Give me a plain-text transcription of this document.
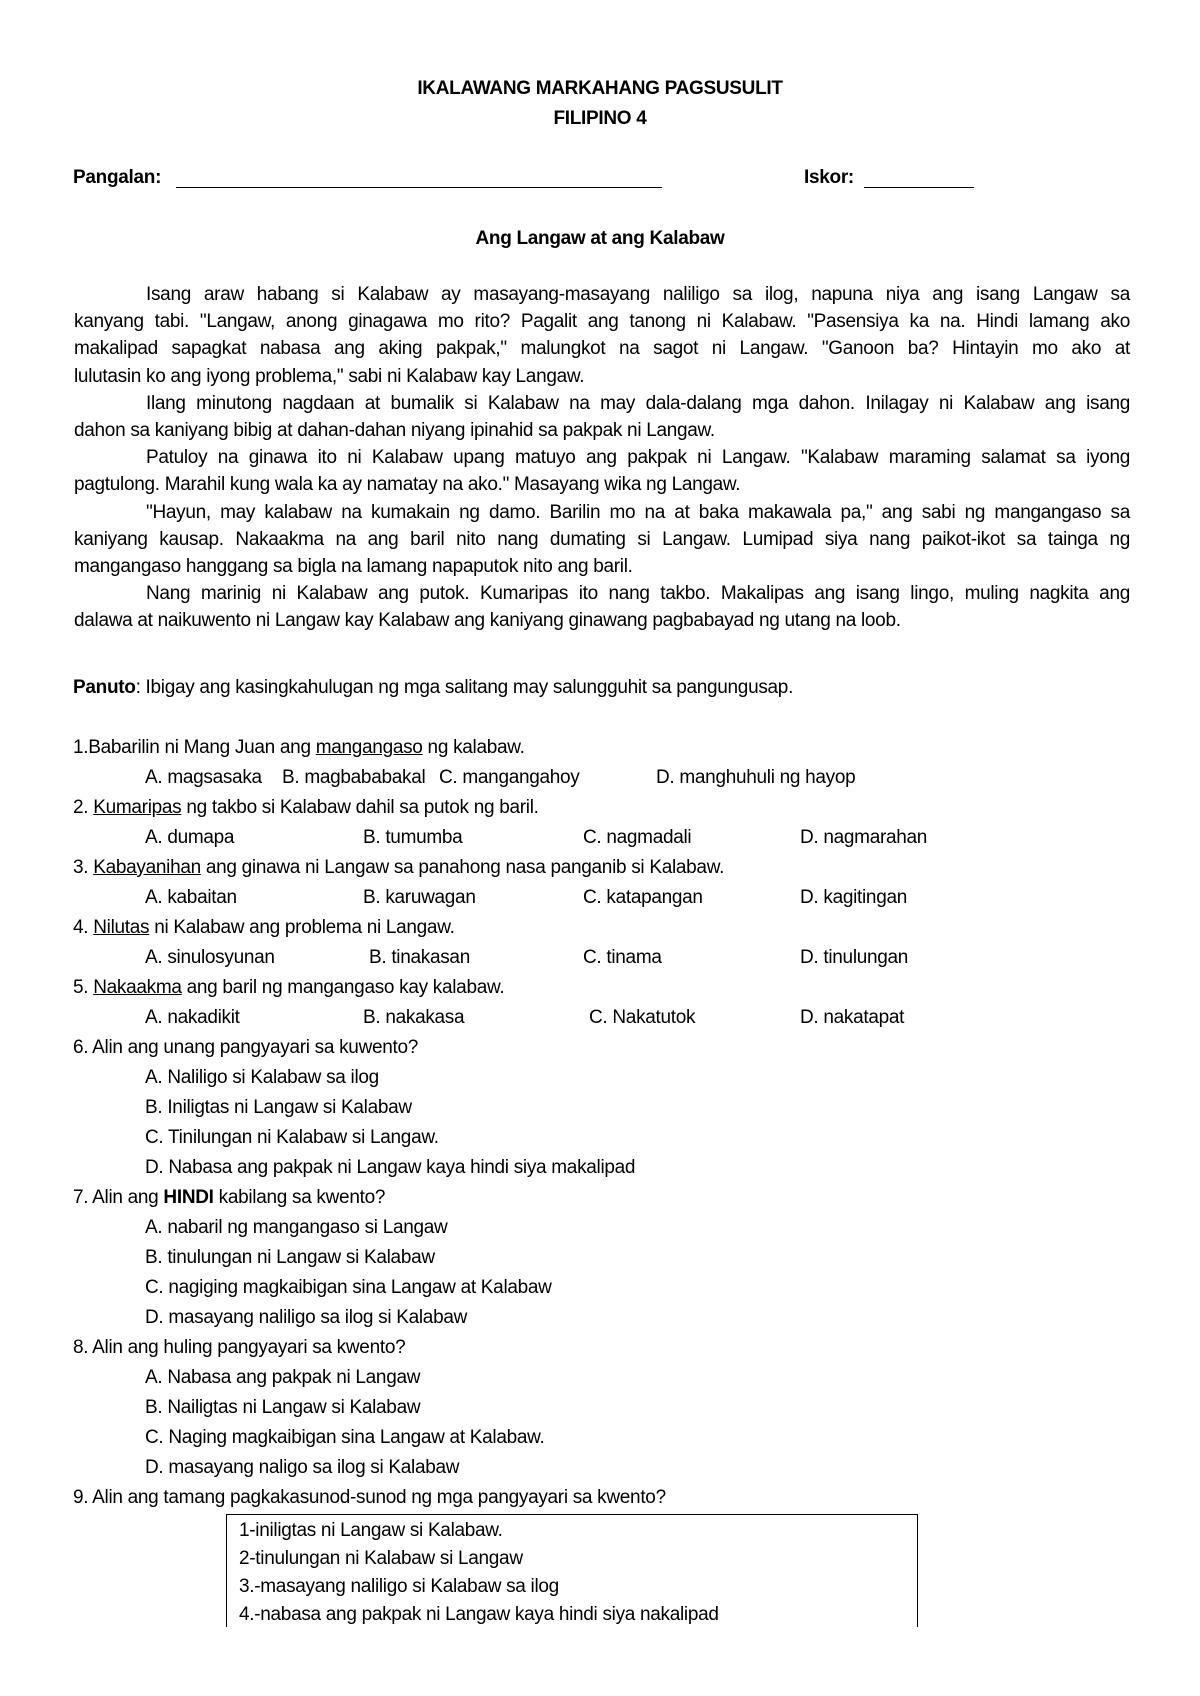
IKALAWANG MARKAHANG PAGSUSULIT
FILIPINO 4
Pangalan:	Iskor:
Ang Langaw at ang Kalabaw
Isang araw habang si Kalabaw ay masayang-masayang naliligo sa ilog, napuna niya ang isang Langaw sa
kanyang tabi. "Langaw, anong ginagawa mo rito? Pagalit ang tanong ni Kalabaw. "Pasensiya ka na. Hindi lamang ako
makalipad sapagkat nabasa ang aking pakpak," malungkot na sagot ni Langaw. "Ganoon ba? Hintayin mo ako at
lulutasin ko ang iyong problema," sabi ni Kalabaw kay Langaw.
Ilang minutong nagdaan at bumalik si Kalabaw na may dala-dalang mga dahon. Inilagay ni Kalabaw ang isang
dahon sa kaniyang bibig at dahan-dahan niyang ipinahid sa pakpak ni Langaw.
Patuloy na ginawa ito ni Kalabaw upang matuyo ang pakpak ni Langaw. "Kalabaw maraming salamat sa iyong
pagtulong. Marahil kung wala ka ay namatay na ako." Masayang wika ng Langaw.
"Hayun, may kalabaw na kumakain ng damo. Barilin mo na at baka makawala pa," ang sabi ng mangangaso sa
kaniyang kausap. Nakaakma na ang baril nito nang dumating si Langaw. Lumipad siya nang paikot-ikot sa tainga ng
mangangaso hanggang sa bigla na lamang napaputok nito ang baril.
Nang marinig ni Kalabaw ang putok. Kumaripas ito nang takbo. Makalipas ang isang lingo, muling nagkita ang
dalawa at naikuwento ni Langaw kay Kalabaw ang kaniyang ginawang pagbabayad ng utang na loob.
Panuto: Ibigay ang kasingkahulugan ng mga salitang may salungguhit sa pangungusap.
1.Babarilin ni Mang Juan ang mangangaso ng kalabaw.
A. magsasaka B. magbababakal C. mangangahoy	D. manghuhuli ng hayop
2. Kumaripas ng takbo si Kalabaw dahil sa putok ng baril.
A. dumapa	B. tumumba	C. nagmadali	D. nagmarahan
3. Kabayanihan ang ginawa ni Langaw sa panahong nasa panganib si Kalabaw.
A. kabaitan	B. karuwagan	C. katapangan	D. kagitingan
4. Nilutas ni Kalabaw ang problema ni Langaw.
A. sinulosyunan	B. tinakasan	C. tinama	D. tinulungan
5. Nakaakma ang baril ng mangangaso kay kalabaw.
A. nakadikit	B. nakakasa	C. Nakatutok	D. nakatapat
6. Alin ang unang pangyayari sa kuwento?
A. Naliligo si Kalabaw sa ilog
B. Iniligtas ni Langaw si Kalabaw
C. Tinilungan ni Kalabaw si Langaw.
D. Nabasa ang pakpak ni Langaw kaya hindi siya makalipad
7. Alin ang HINDI kabilang sa kwento?
A. nabaril ng mangangaso si Langaw
B. tinulungan ni Langaw si Kalabaw
C. nagiging magkaibigan sina Langaw at Kalabaw
D. masayang naliligo sa ilog si Kalabaw
8. Alin ang huling pangyayari sa kwento?
A. Nabasa ang pakpak ni Langaw
B. Nailigtas ni Langaw si Kalabaw
C. Naging magkaibigan sina Langaw at Kalabaw.
D. masayang naligo sa ilog si Kalabaw
9. Alin ang tamang pagkakasunod-sunod ng mga pangyayari sa kwento?
1-iniligtas ni Langaw si Kalabaw.
2-tinulungan ni Kalabaw si Langaw
3.-masayang naliligo si Kalabaw sa ilog
4.-nabasa ang pakpak ni Langaw kaya hindi siya nakalipad
